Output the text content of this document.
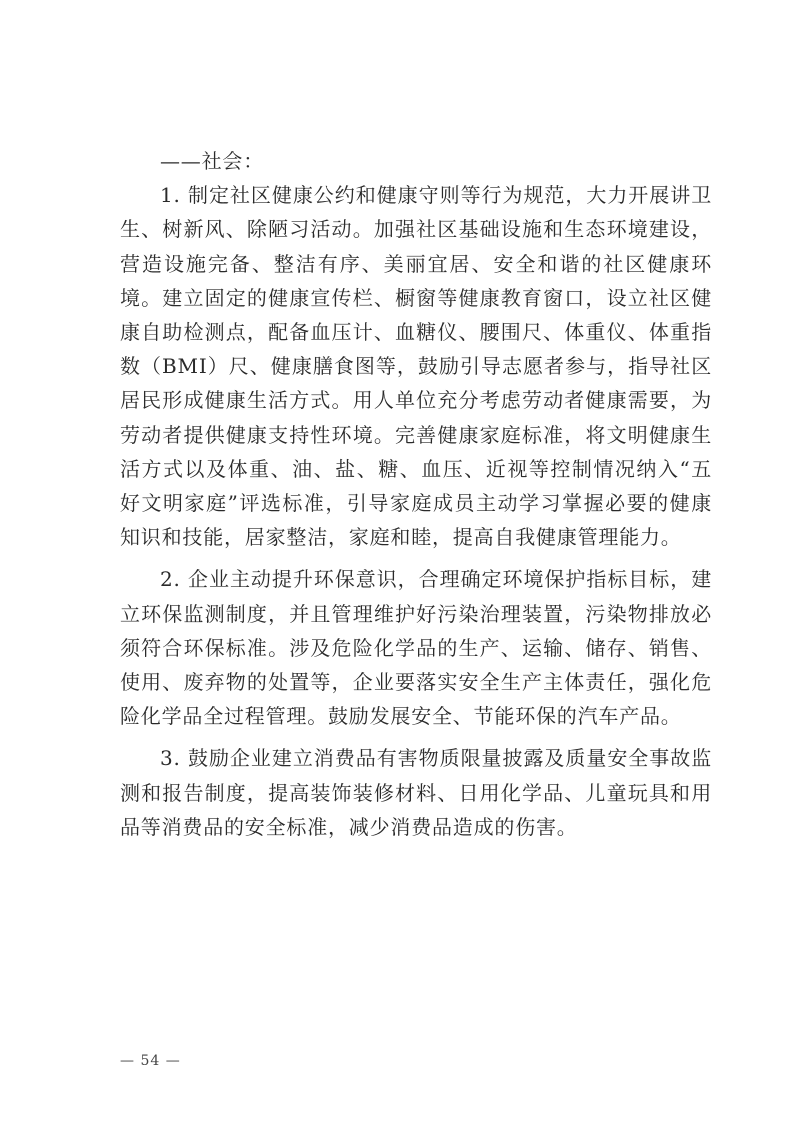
——社会：

1. 制定社区健康公约和健康守则等行为规范，大力开展讲卫生、树新风、除陋习活动。加强社区基础设施和生态环境建设，营造设施完备、整洁有序、美丽宜居、安全和谐的社区健康环境。建立固定的健康宣传栏、橱窗等健康教育窗口，设立社区健康自助检测点，配备血压计、血糖仪、腰围尺、体重仪、体重指数（BMI）尺、健康膳食图等，鼓励引导志愿者参与，指导社区居民形成健康生活方式。用人单位充分考虑劳动者健康需要，为劳动者提供健康支持性环境。完善健康家庭标准，将文明健康生活方式以及体重、油、盐、糖、血压、近视等控制情况纳入“五好文明家庭”评选标准，引导家庭成员主动学习掌握必要的健康知识和技能，居家整洁，家庭和睦，提高自我健康管理能力。

2. 企业主动提升环保意识，合理确定环境保护指标目标，建立环保监测制度，并且管理维护好污染治理装置，污染物排放必须符合环保标准。涉及危险化学品的生产、运输、储存、销售、使用、废弃物的处置等，企业要落实安全生产主体责任，强化危险化学品全过程管理。鼓励发展安全、节能环保的汽车产品。

3. 鼓励企业建立消费品有害物质限量披露及质量安全事故监测和报告制度，提高装饰装修材料、日用化学品、儿童玩具和用品等消费品的安全标准，减少消费品造成的伤害。

— 54 —
